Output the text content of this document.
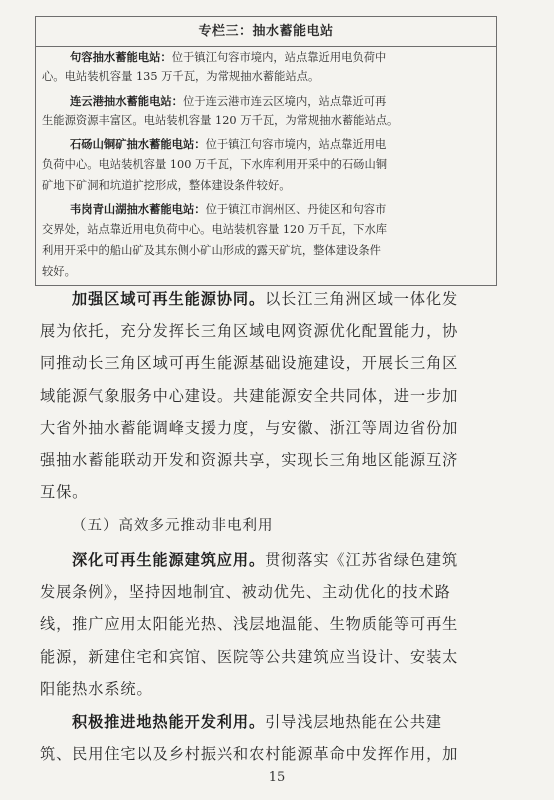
专栏三：抽水蓄能电站
句容抽水蓄能电站：位于镇江句容市境内，站点靠近用电负荷中
心。电站装机容量 135 万千瓦，为常规抽水蓄能站点。
连云港抽水蓄能电站：位于连云港市连云区境内，站点靠近可再
生能源资源丰富区。电站装机容量 120 万千瓦，为常规抽水蓄能站点。
石砀山铜矿抽水蓄能电站：位于镇江句容市境内，站点靠近用电
负荷中心。电站装机容量 100 万千瓦，下水库利用开采中的石砀山铜
矿地下矿洞和坑道扩挖形成，整体建设条件较好。
韦岗青山湖抽水蓄能电站：位于镇江市润州区、丹徒区和句容市
交界处，站点靠近用电负荷中心。电站装机容量 120 万千瓦，下水库
利用开采中的船山矿及其东侧小矿山形成的露天矿坑，整体建设条件
较好。
加强区域可再生能源协同。以长江三角洲区域一体化发
展为依托，充分发挥长三角区域电网资源优化配置能力，协
同推动长三角区域可再生能源基础设施建设，开展长三角区
域能源气象服务中心建设。共建能源安全共同体，进一步加
大省外抽水蓄能调峰支援力度，与安徽、浙江等周边省份加
强抽水蓄能联动开发和资源共享，实现长三角地区能源互济
互保。
（五）高效多元推动非电利用
深化可再生能源建筑应用。贯彻落实《江苏省绿色建筑
发展条例》，坚持因地制宜、被动优先、主动优化的技术路
线，推广应用太阳能光热、浅层地温能、生物质能等可再生
能源，新建住宅和宾馆、医院等公共建筑应当设计、安装太
阳能热水系统。
积极推进地热能开发利用。引导浅层地热能在公共建
筑、民用住宅以及乡村振兴和农村能源革命中发挥作用，加
15
